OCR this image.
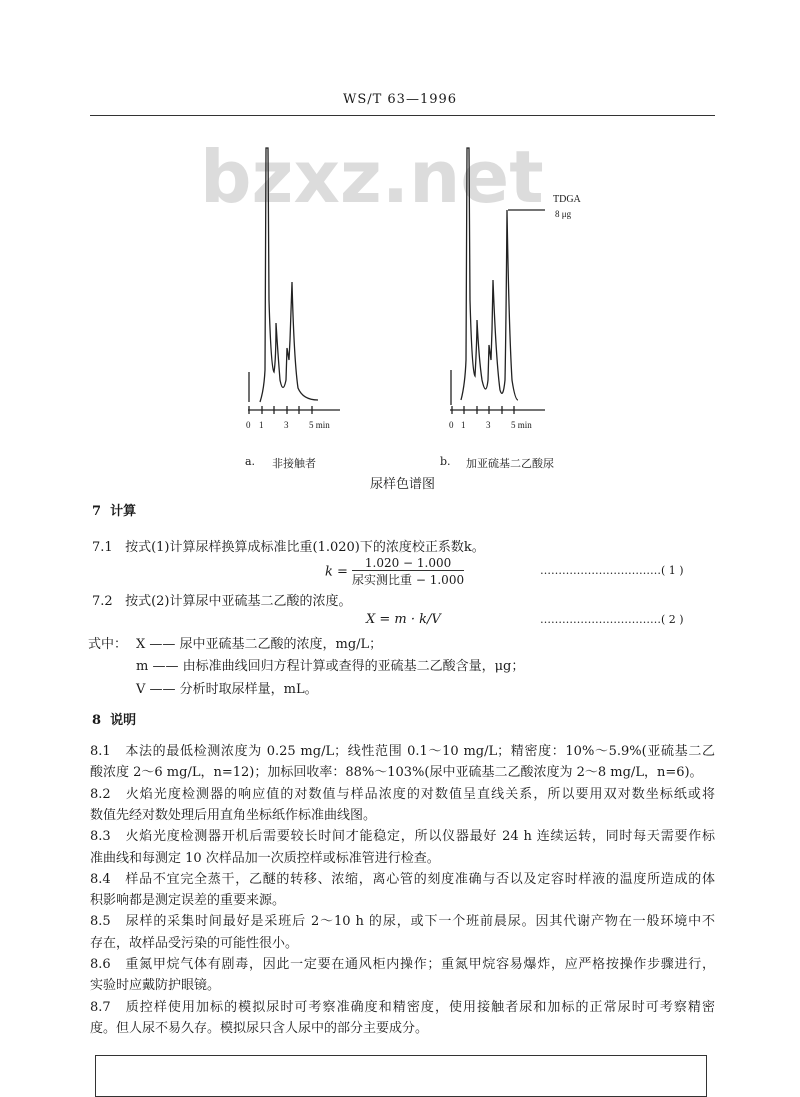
WS/T 63—1996
bzxz.net
0 1 3 5 min	0 1 3 5 min
TDGA
8 μg
a. 非接触者	b. 加亚硫基二乙酸尿
尿样色谱图
7 计算
7.1 按式(1)计算尿样换算成标准比重(1.020)下的浓度校正系数k。
$k = \frac{1.020 - 1.000}{\text{尿实测比重 − 1.000}}$	……………………………( 1 )
7.2 按式(2)计算尿中亚硫基二乙酸的浓度。
X = m · k/V	……………………………( 2 )
式中： X —— 尿中亚硫基二乙酸的浓度，mg/L；
m —— 由标准曲线回归方程计算或查得的亚硫基二乙酸含量，μg；
V —— 分析时取尿样量，mL。
8 说明
8.1 本法的最低检测浓度为 0.25 mg/L；线性范围 0.1～10 mg/L；精密度：10%～5.9%(亚硫基二乙
酸浓度 2～6 mg/L，n=12)；加标回收率：88%～103%(尿中亚硫基二乙酸浓度为 2～8 mg/L，n=6)。
8.2 火焰光度检测器的响应值的对数值与样品浓度的对数值呈直线关系，所以要用双对数坐标纸或将
数值先经对数处理后用直角坐标纸作标准曲线图。
8.3 火焰光度检测器开机后需要较长时间才能稳定，所以仪器最好 24 h 连续运转，同时每天需要作标
准曲线和每测定 10 次样品加一次质控样或标准管进行检查。
8.4 样品不宜完全蒸干，乙醚的转移、浓缩，离心管的刻度准确与否以及定容时样液的温度所造成的体
积影响都是测定误差的重要来源。
8.5 尿样的采集时间最好是采班后 2～10 h 的尿，或下一个班前晨尿。因其代谢产物在一般环境中不
存在，故样品受污染的可能性很小。
8.6 重氮甲烷气体有剧毒，因此一定要在通风柜内操作；重氮甲烷容易爆炸，应严格按操作步骤进行，
实验时应戴防护眼镜。
8.7 质控样使用加标的模拟尿时可考察准确度和精密度，使用接触者尿和加标的正常尿时可考察精密
度。但人尿不易久存。模拟尿只含人尿中的部分主要成分。
